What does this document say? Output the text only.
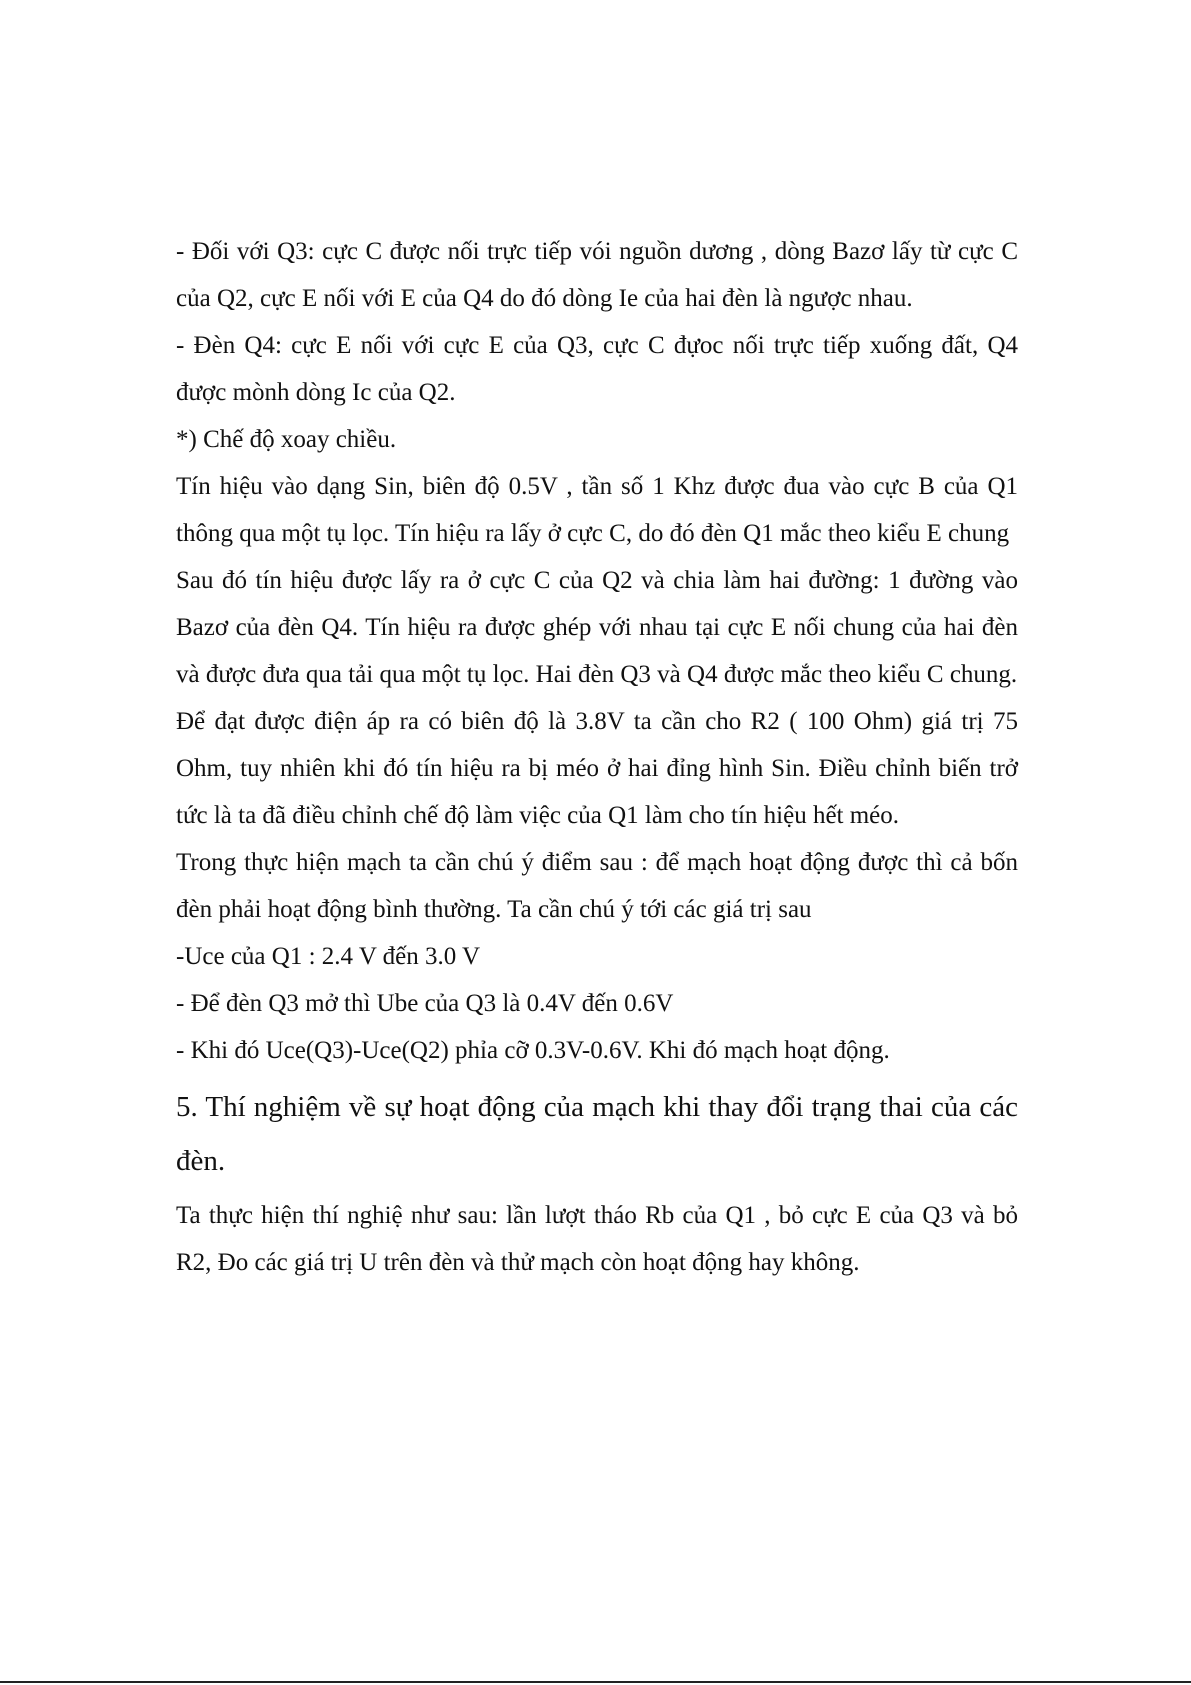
- Đối với Q3: cực C được nối trực tiếp vói nguồn dương , dòng Bazơ lấy từ cực C của Q2, cực E nối với E của Q4 do đó dòng Ie của hai đèn là ngược nhau.

- Đèn Q4: cực E nối với cực E của Q3, cực C đựoc nối trực tiếp xuống đất, Q4 được mònh dòng Ic của Q2.

*) Chế độ xoay chiều.

Tín hiệu vào dạng Sin, biên độ 0.5V , tần số 1 Khz được đua vào cực B của Q1 thông qua một tụ lọc. Tín hiệu ra lấy ở cực C, do đó đèn Q1 mắc theo kiểu E chung

Sau đó tín hiệu được lấy ra ở cực C của Q2 và chia làm hai đường: 1 đường vào Bazơ của đèn Q4. Tín hiệu ra được ghép với nhau tại cực E nối chung của hai đèn và được đưa qua tải qua một tụ lọc. Hai đèn Q3 và Q4 được mắc theo kiểu C chung.

Để đạt được điện áp ra có biên độ là 3.8V ta cần cho R2 ( 100 Ohm) giá trị 75 Ohm, tuy nhiên khi đó tín hiệu ra bị méo ở hai đỉng hình Sin. Điều chỉnh biến trở tức là ta đã điều chỉnh chế độ làm việc của Q1 làm cho tín hiệu hết méo.

Trong thực hiện mạch ta cần chú ý điểm sau : để mạch hoạt động được thì cả bốn đèn phải hoạt động bình thường. Ta cần chú ý tới các giá trị sau

-Uce của Q1 : 2.4 V đến 3.0 V

- Để đèn Q3 mở thì Ube của Q3 là 0.4V đến 0.6V

- Khi đó Uce(Q3)-Uce(Q2) phỉa cỡ 0.3V-0.6V. Khi đó mạch hoạt động.

5. Thí nghiệm về sự hoạt động của mạch khi thay đổi trạng thai của các đèn.

Ta thực hiện thí nghiệ như sau: lần lượt tháo Rb của Q1 , bỏ cực E của Q3 và bỏ R2, Đo các giá trị U trên đèn và thử mạch còn hoạt động hay không.
